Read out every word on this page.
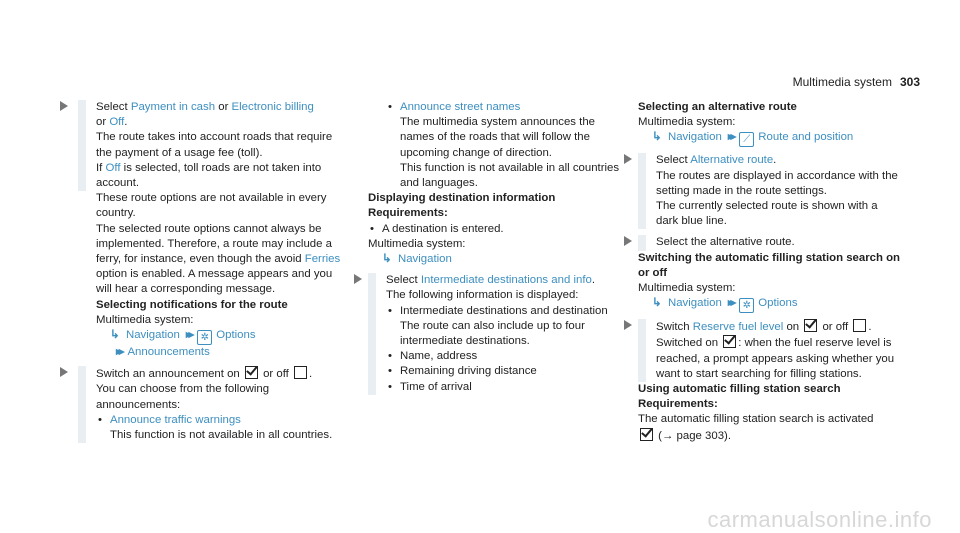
Multimedia system 303

Select Payment in cash or Electronic billing
or Off.

The route takes into account roads that require the payment of a usage fee (toll).

If Off is selected, toll roads are not taken into account.

These route options are not available in every country.

The selected route options cannot always be implemented. Therefore, a route may include a ferry, for instance, even though the avoid Ferries option is enabled. A message appears and you will hear a corresponding message.

Selecting notifications for the route

Multimedia system:

↳ Navigation ▸▸ ✲ Options

▸▸ Announcements

Switch an announcement on or off .

You can choose from the following announcements:

• Announce traffic warnings

This function is not available in all countries.

• Announce street names

The multimedia system announces the names of the roads that will follow the upcoming change of direction.

This function is not available in all countries and languages.

Displaying destination information

Requirements:

• A destination is entered.

Multimedia system:

↳ Navigation

Select Intermediate destinations and info.

The following information is displayed:

• Intermediate destinations and destination

The route can also include up to four intermediate destinations.

• Name, address

• Remaining driving distance

• Time of arrival

Selecting an alternative route

Multimedia system:

↳ Navigation ▸▸ ⟋ Route and position

Select Alternative route.

The routes are displayed in accordance with the setting made in the route settings.

The currently selected route is shown with a dark blue line.

Select the alternative route.

Switching the automatic filling station search on or off

Multimedia system:

↳ Navigation ▸▸ ✲ Options

Switch Reserve fuel level on or off .

Switched on : when the fuel reserve level is reached, a prompt appears asking whether you want to start searching for filling stations.

Using automatic filling station search

Requirements:

The automatic filling station search is activated

(→ page 303).

carmanualsonline.info
